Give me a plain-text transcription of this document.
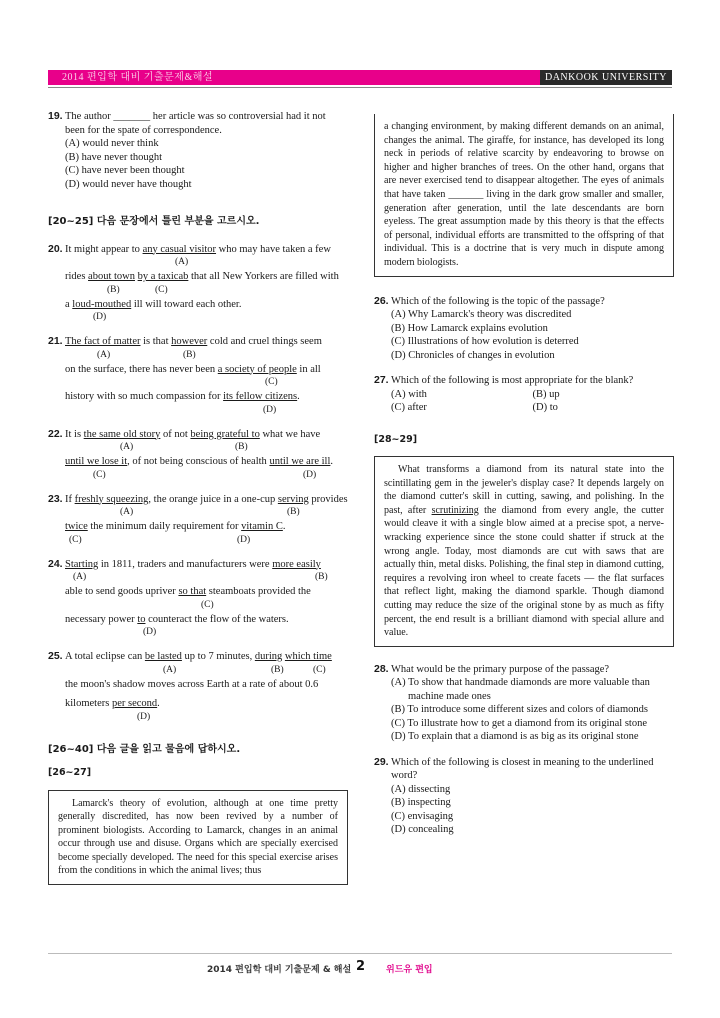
2014 편입학 대비 기출문제&해설	DANKOOK UNIVERSITY
19. The author _______ her article was so controversial had it not
been for the spate of correspondence.
(A) would never think
(B) have never thought
(C) have never been thought
(D) would never have thought
[20~25] 다음 문장에서 틀린 부분을 고르시오.
20. It might appear to any casual visitor who may have taken a few
(A)
rides about town by a taxicab that all New Yorkers are filled with
(B)	(C)
a loud-mouthed ill will toward each other.
(D)
21. The fact of matter is that however cold and cruel things seem
(A)	(B)
on the surface, there has never been a society of people in all
(C)
history with so much compassion for its fellow citizens.
(D)
22. It is the same old story of not being grateful to what we have
(A)	(B)
until we lose it, of not being conscious of health until we are ill.
(C)	(D)
23. If freshly squeezing, the orange juice in a one-cup serving provides
(A)	(B)
twice the minimum daily requirement for vitamin C.
(C)	(D)
24. Starting in 1811, traders and manufacturers were more easily
(A)	(B)
able to send goods upriver so that steamboats provided the
(C)
necessary power to counteract the flow of the waters.
(D)
25. A total eclipse can be lasted up to 7 minutes, during which time
(A)	(B)	(C)
the moon's shadow moves across Earth at a rate of about 0.6
kilometers per second.
(D)
[26~40] 다음 글을 읽고 물음에 답하시오.
[26~27]
Lamarck's theory of evolution, although at one time pretty generally discredited, has now been revived by a number of prominent biologists. According to Lamarck, changes in an animal occur through use and disuse. Organs which are specially exercised become specially developed. The need for this special exercise arises from the conditions in which the animal lives; thus
a changing environment, by making different demands on an animal, changes the animal. The giraffe, for instance, has developed its long neck in periods of relative scarcity by endeavoring to browse on higher and higher branches of trees. On the other hand, organs that are never exercised tend to disappear altogether. The eyes of animals that have taken _______ living in the dark grow smaller and smaller, generation after generation, until the late descendants are born eyeless. The great assumption made by this theory is that the effects of personal, individual efforts are transmitted to the offspring of that individual. This is a doctrine that is very much in dispute among modern biologists.
26. Which of the following is the topic of the passage?
(A) Why Lamarck's theory was discredited
(B) How Lamarck explains evolution
(C) Illustrations of how evolution is deterred
(D) Chronicles of changes in evolution
27. Which of the following is most appropriate for the blank?
(A) with	(B) up
(C) after	(D) to
[28~29]
What transforms a diamond from its natural state into the scintillating gem in the jeweler's display case? It depends largely on the diamond cutter's skill in cutting, sawing, and polishing. In the past, after scrutinizing the diamond from every angle, the cutter would cleave it with a single blow aimed at a precise spot, a nerve-wracking experience since the stone could shatter if struck at the wrong angle. Today, most diamonds are cut with saws that are actually thin, metal disks. Polishing, the final step in diamond cutting, requires a revolving iron wheel to create facets — the flat surfaces that reflect light, making the diamond sparkle. Though diamond cutting may reduce the size of the original stone by as much as fifty percent, the end result is a brilliant diamond with special allure and value.
28. What would be the primary purpose of the passage?
(A) To show that handmade diamonds are more valuable than
machine made ones
(B) To introduce some different sizes and colors of diamonds
(C) To illustrate how to get a diamond from its original stone
(D) To explain that a diamond is as big as its original stone
29. Which of the following is closest in meaning to the underlined
word?
(A) dissecting
(B) inspecting
(C) envisaging
(D) concealing
2014 편입학 대비 기출문제 & 해설 2 위드유 편입
